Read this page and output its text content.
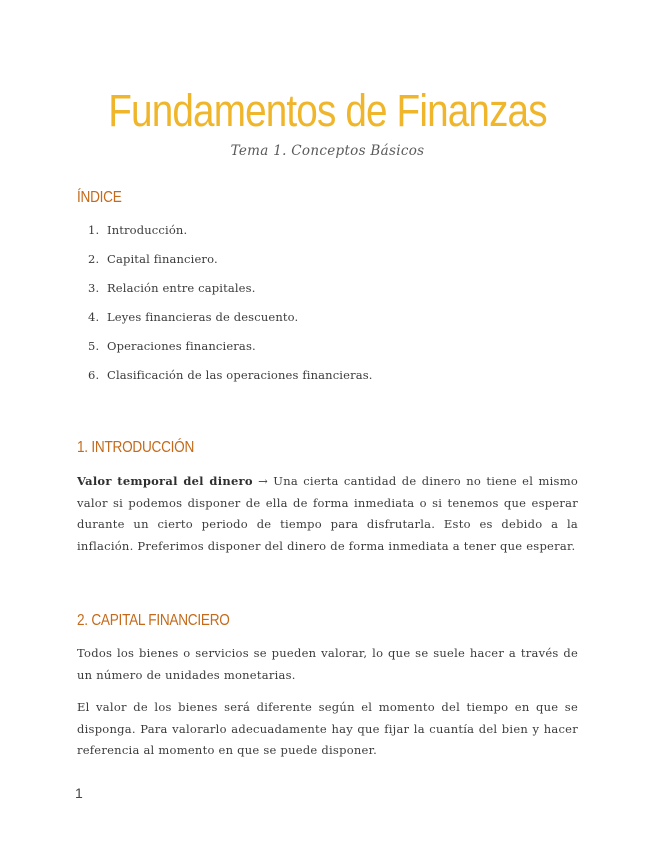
Fundamentos de Finanzas
Tema 1. Conceptos Básicos
ÍNDICE
1. Introducción.
2. Capital financiero.
3. Relación entre capitales.
4. Leyes financieras de descuento.
5. Operaciones financieras.
6. Clasificación de las operaciones financieras.
1. INTRODUCCIÓN

Valor temporal del dinero → Una cierta cantidad de dinero no tiene el mismo valor si podemos disponer de ella de forma inmediata o si tenemos que esperar durante un cierto periodo de tiempo para disfrutarla. Esto es debido a la inflación. Preferimos disponer del dinero de forma inmediata a tener que esperar.

2. CAPITAL FINANCIERO

Todos los bienes o servicios se pueden valorar, lo que se suele hacer a través de un número de unidades monetarias.

El valor de los bienes será diferente según el momento del tiempo en que se disponga. Para valorarlo adecuadamente hay que fijar la cuantía del bien y hacer referencia al momento en que se puede disponer.

1
